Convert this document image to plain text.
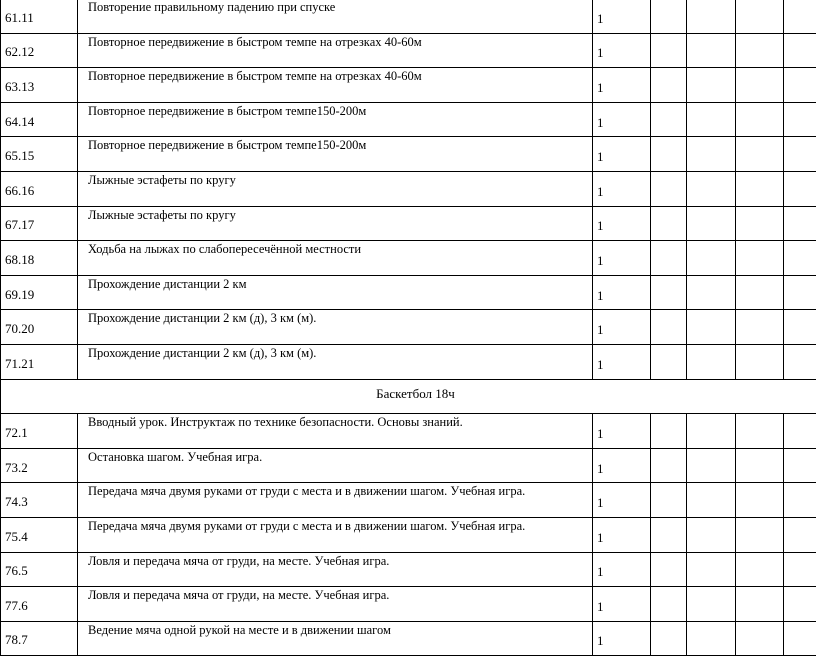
61.11	Повторение правильному падению при спуске	1				
62.12	Повторное передвижение в быстром темпе на отрезках 40-60м	1				
63.13	Повторное передвижение в быстром темпе на отрезках 40-60м	1				
64.14	Повторное передвижение в быстром темпе150-200м	1				
65.15	Повторное передвижение в быстром темпе150-200м	1				
66.16	Лыжные эстафеты по кругу	1				
67.17	Лыжные эстафеты по кругу	1				
68.18	Ходьба на лыжах по слабопересечённой местности	1				
69.19	Прохождение дистанции 2 км	1				
70.20	Прохождение дистанции 2 км (д), 3 км (м).	1				
71.21	Прохождение дистанции 2 км (д), 3 км (м).	1				
Баскетбол 18ч						
72.1	Вводный урок. Инструктаж по технике безопасности. Основы знаний.	1				
73.2	Остановка шагом. Учебная игра.	1				
74.3	Передача мяча двумя руками от груди с места и в движении шагом. Учебная игра.	1				
75.4	Передача мяча двумя руками от груди с места и в движении шагом. Учебная игра.	1				
76.5	Ловля и передача мяча от груди, на месте. Учебная игра.	1				
77.6	Ловля и передача мяча от груди, на месте. Учебная игра.	1				
78.7	Ведение мяча одной рукой на месте и в движении шагом	1				
